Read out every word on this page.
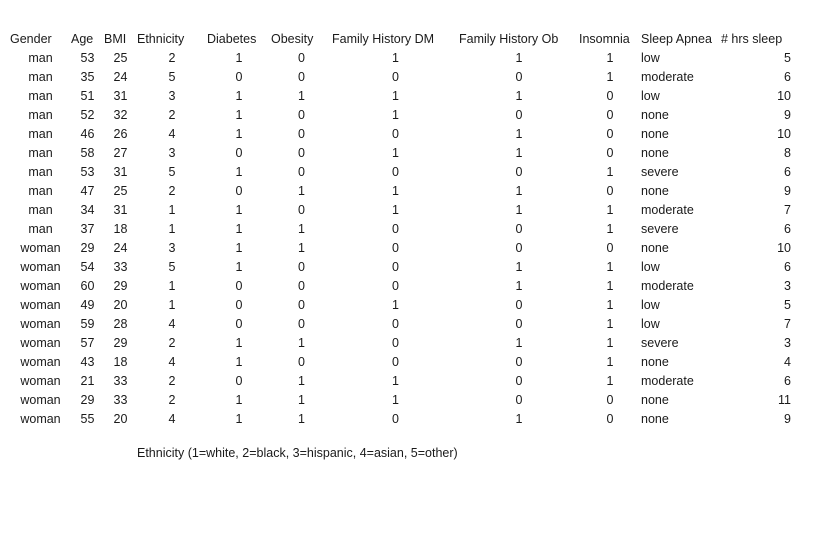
Gender	Age	BMI	Ethnicity	Diabetes	Obesity	Family History DM	Family History Ob	Insomnia	Sleep Apnea	# hrs sleep
man	53	25	2	1	0	1	1	1	low	5
man	35	24	5	0	0	0	0	1	moderate	6
man	51	31	3	1	1	1	1	0	low	10
man	52	32	2	1	0	1	0	0	none	9
man	46	26	4	1	0	0	1	0	none	10
man	58	27	3	0	0	1	1	0	none	8
man	53	31	5	1	0	0	0	1	severe	6
man	47	25	2	0	1	1	1	0	none	9
man	34	31	1	1	0	1	1	1	moderate	7
man	37	18	1	1	1	0	0	1	severe	6
woman	29	24	3	1	1	0	0	0	none	10
woman	54	33	5	1	0	0	1	1	low	6
woman	60	29	1	0	0	0	1	1	moderate	3
woman	49	20	1	0	0	1	0	1	low	5
woman	59	28	4	0	0	0	0	1	low	7
woman	57	29	2	1	1	0	1	1	severe	3
woman	43	18	4	1	0	0	0	1	none	4
woman	21	33	2	0	1	1	0	1	moderate	6
woman	29	33	2	1	1	1	0	0	none	11
woman	55	20	4	1	1	0	1	0	none	9
Ethnicity (1=white, 2=black, 3=hispanic, 4=asian, 5=other)
